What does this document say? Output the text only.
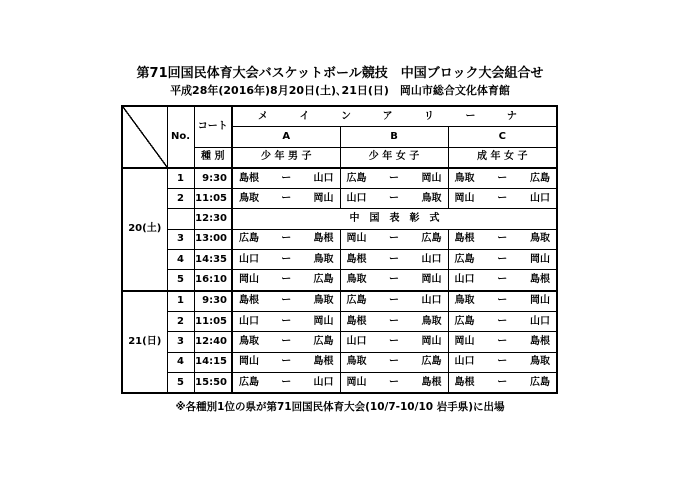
第71回国民体育大会バスケットボール競技　中国ブロック大会組合せ
平成28年(2016年)8月20日(土)､21日(日)　岡山市総合文化体育館
	No.	コート	メ イ ン ア リ ー ナ		
			A	B	C
		種 別	少 年 男 子	少 年 女 子	成 年 女 子
20(土)	1	9:30	島根 ー 山口	広島 ー 岡山	鳥取 ー 広島

	2	11:05	鳥取 ー 岡山	山口 ー 鳥取	岡山 ー 山口

		12:30	中　国　表　彰　式		
	3	13:00	広島 ー 島根	岡山 ー 広島	島根 ー 鳥取

	4	14:35	山口 ー 鳥取	島根 ー 山口	広島 ー 岡山

	5	16:10	岡山 ー 広島	鳥取 ー 岡山	山口 ー 島根

21(日)	1	9:30	島根 ー 鳥取	広島 ー 山口	鳥取 ー 岡山

	2	11:05	山口 ー 岡山	島根 ー 鳥取	広島 ー 山口

	3	12:40	鳥取 ー 広島	山口 ー 岡山	岡山 ー 島根

	4	14:15	岡山 ー 島根	鳥取 ー 広島	山口 ー 鳥取

	5	15:50	広島 ー 山口	岡山 ー 島根	島根 ー 広島
※各種別1位の県が第71回国民体育大会(10/7-10/10 岩手県)に出場
